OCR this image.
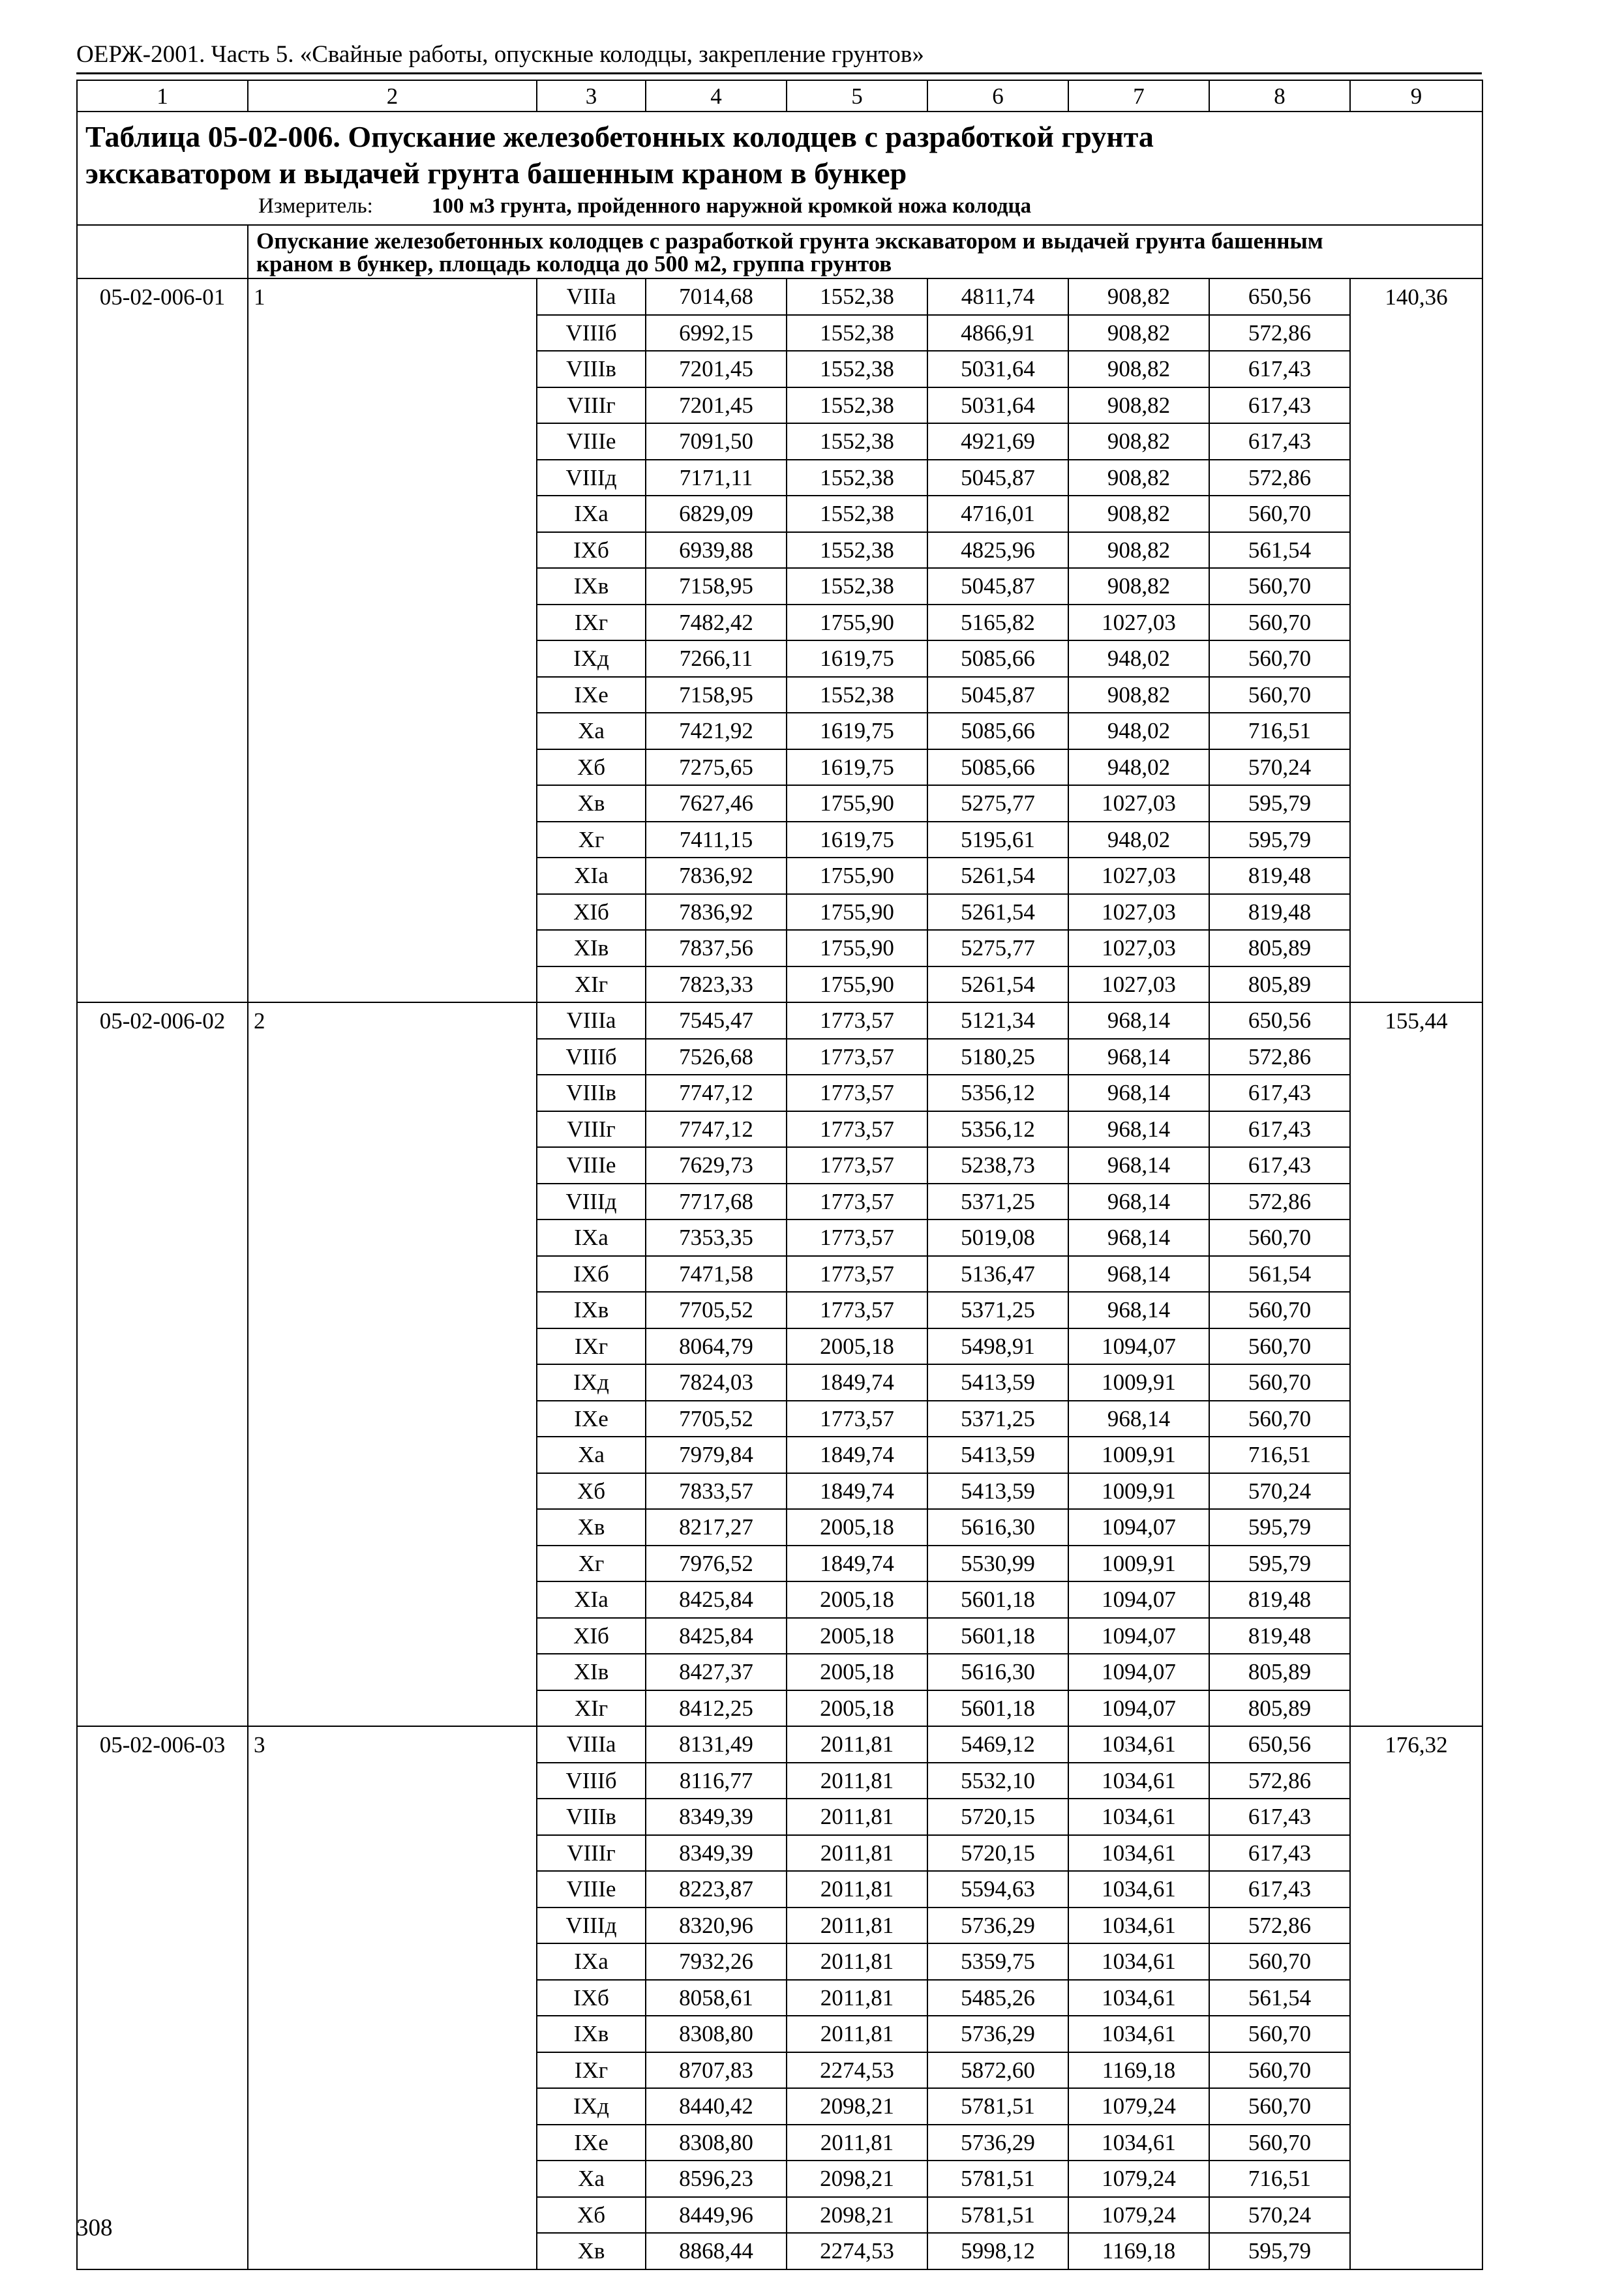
ОЕРЖ-2001. Часть 5. «Свайные работы, опускные колодцы, закрепление грунтов»
1	2	3	4	5	6	7	8	9

Таблица 05-02-006. Опускание железобетонных колодцев с разработкой грунта
экскаватором и выдачей грунта башенным краном в бункер
Измеритель: 100 м3 грунта, пройденного наружной кромкой ножа колодца								

	Опускание железобетонных колодцев с разработкой грунта экскаватором и выдачей грунта башенным
краном в бункер, площадь колодца до 500 м2, группа грунтов							

05-02-006-01	1	VIIIа	7014,68	1552,38	4811,74	908,82	650,56	140,36
		VIIIб	6992,15	1552,38	4866,91	908,82	572,86	
		VIIIв	7201,45	1552,38	5031,64	908,82	617,43	
		VIIIг	7201,45	1552,38	5031,64	908,82	617,43	
		VIIIе	7091,50	1552,38	4921,69	908,82	617,43	
		VIIIд	7171,11	1552,38	5045,87	908,82	572,86	
		IXа	6829,09	1552,38	4716,01	908,82	560,70	
		IXб	6939,88	1552,38	4825,96	908,82	561,54	
		IXв	7158,95	1552,38	5045,87	908,82	560,70	
		IXг	7482,42	1755,90	5165,82	1027,03	560,70	
		IXд	7266,11	1619,75	5085,66	948,02	560,70	
		IXе	7158,95	1552,38	5045,87	908,82	560,70	
		Xа	7421,92	1619,75	5085,66	948,02	716,51	
		Xб	7275,65	1619,75	5085,66	948,02	570,24	
		Xв	7627,46	1755,90	5275,77	1027,03	595,79	
		Xг	7411,15	1619,75	5195,61	948,02	595,79	
		XIа	7836,92	1755,90	5261,54	1027,03	819,48	
		XIб	7836,92	1755,90	5261,54	1027,03	819,48	
		XIв	7837,56	1755,90	5275,77	1027,03	805,89	
		XIг	7823,33	1755,90	5261,54	1027,03	805,89	
05-02-006-02	2	VIIIа	7545,47	1773,57	5121,34	968,14	650,56	155,44
		VIIIб	7526,68	1773,57	5180,25	968,14	572,86	
		VIIIв	7747,12	1773,57	5356,12	968,14	617,43	
		VIIIг	7747,12	1773,57	5356,12	968,14	617,43	
		VIIIе	7629,73	1773,57	5238,73	968,14	617,43	
		VIIIд	7717,68	1773,57	5371,25	968,14	572,86	
		IXа	7353,35	1773,57	5019,08	968,14	560,70	
		IXб	7471,58	1773,57	5136,47	968,14	561,54	
		IXв	7705,52	1773,57	5371,25	968,14	560,70	
		IXг	8064,79	2005,18	5498,91	1094,07	560,70	
		IXд	7824,03	1849,74	5413,59	1009,91	560,70	
		IXе	7705,52	1773,57	5371,25	968,14	560,70	
		Xа	7979,84	1849,74	5413,59	1009,91	716,51	
		Xб	7833,57	1849,74	5413,59	1009,91	570,24	
		Xв	8217,27	2005,18	5616,30	1094,07	595,79	
		Xг	7976,52	1849,74	5530,99	1009,91	595,79	
		XIа	8425,84	2005,18	5601,18	1094,07	819,48	
		XIб	8425,84	2005,18	5601,18	1094,07	819,48	
		XIв	8427,37	2005,18	5616,30	1094,07	805,89	
		XIг	8412,25	2005,18	5601,18	1094,07	805,89	
05-02-006-03	3	VIIIа	8131,49	2011,81	5469,12	1034,61	650,56	176,32
		VIIIб	8116,77	2011,81	5532,10	1034,61	572,86	
		VIIIв	8349,39	2011,81	5720,15	1034,61	617,43	
		VIIIг	8349,39	2011,81	5720,15	1034,61	617,43	
		VIIIе	8223,87	2011,81	5594,63	1034,61	617,43	
		VIIIд	8320,96	2011,81	5736,29	1034,61	572,86	
		IXа	7932,26	2011,81	5359,75	1034,61	560,70	
		IXб	8058,61	2011,81	5485,26	1034,61	561,54	
		IXв	8308,80	2011,81	5736,29	1034,61	560,70	
		IXг	8707,83	2274,53	5872,60	1169,18	560,70	
		IXд	8440,42	2098,21	5781,51	1079,24	560,70	
		IXе	8308,80	2011,81	5736,29	1034,61	560,70	
		Xа	8596,23	2098,21	5781,51	1079,24	716,51	
		Xб	8449,96	2098,21	5781,51	1079,24	570,24	
		Xв	8868,44	2274,53	5998,12	1169,18	595,79	
308
